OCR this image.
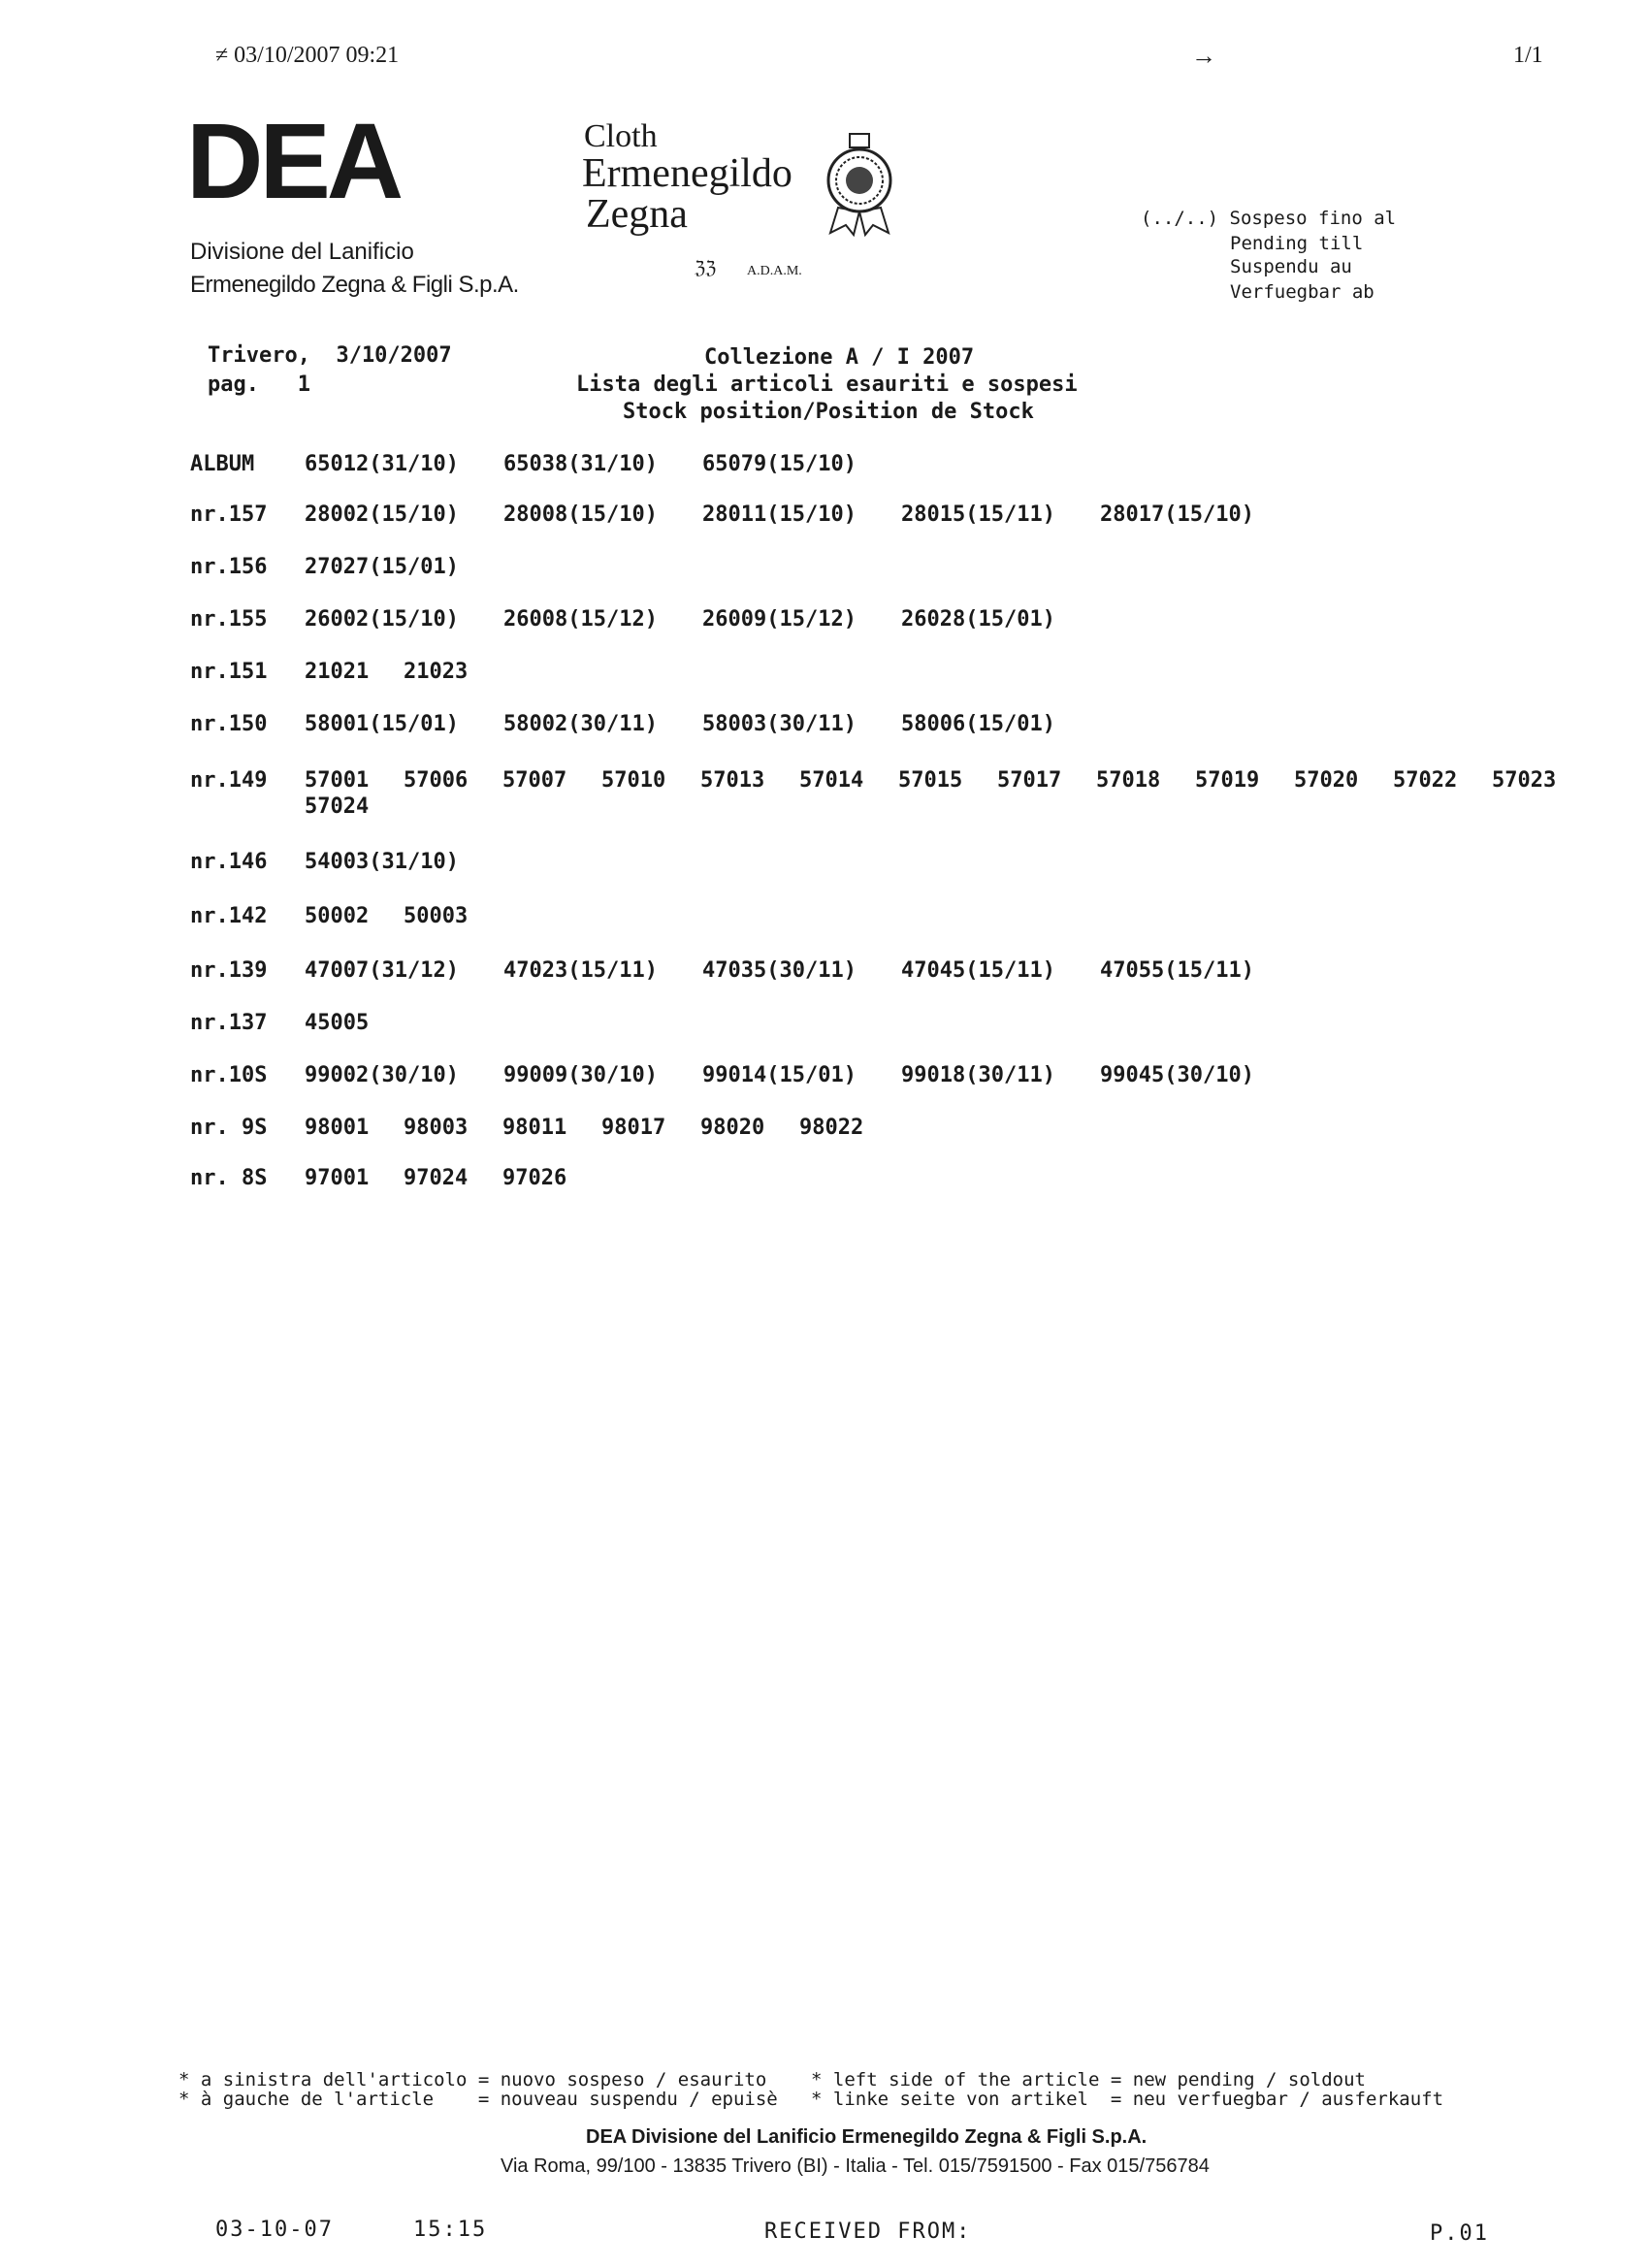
≠ 03/10/2007 09:21	→	1/1
DEA
Divisione del Lanificio
Ermenegildo Zegna & Figli S.p.A.
Cloth
Ermenegildo
Zegna
ℨℨ A.D.A.M.
(../..) Sospeso fino al
Pending till
Suspendu au
Verfuegbar ab
Trivero,  3/10/2007
pag.   1
Collezione A / I 2007
Lista degli articoli esauriti e sospesi
Stock position/Position de Stock
ALBUM 65012(31/10)	65038(31/10)	65079(15/10)
nr.157 28002(15/10)	28008(15/10)	28011(15/10)	28015(15/11)	28017(15/10)
nr.156 27027(15/01)
nr.155 26002(15/10)	26008(15/12)	26009(15/12)	26028(15/01)
nr.151 21021	21023
nr.150 58001(15/01)	58002(30/11)	58003(30/11)	58006(15/01)
nr.149 57001	57006	57007	57010	57013	57014	57015	57017	57018	57019	57020	57022	57023
57024
nr.146 54003(31/10)
nr.142 50002	50003
nr.139 47007(31/12)	47023(15/11)	47035(30/11)	47045(15/11)	47055(15/11)
nr.137 45005
nr.10S 99002(30/10)	99009(30/10)	99014(15/01)	99018(30/11)	99045(30/10)
nr. 9S 98001	98003	98011	98017	98020	98022
nr. 8S 97001	97024	97026
* a sinistra dell'articolo = nuovo sospeso / esaurito    * left side of the article = new pending / soldout
* à gauche de l'article    = nouveau suspendu / epuisè   * linke seite von artikel  = neu verfuegbar / ausferkauft
DEA Divisione del Lanificio Ermenegildo Zegna & Figli S.p.A.
Via Roma, 99/100 - 13835 Trivero (BI) - Italia - Tel. 015/7591500 - Fax 015/756784
03-10-07	15:15	RECEIVED FROM:	P.01
